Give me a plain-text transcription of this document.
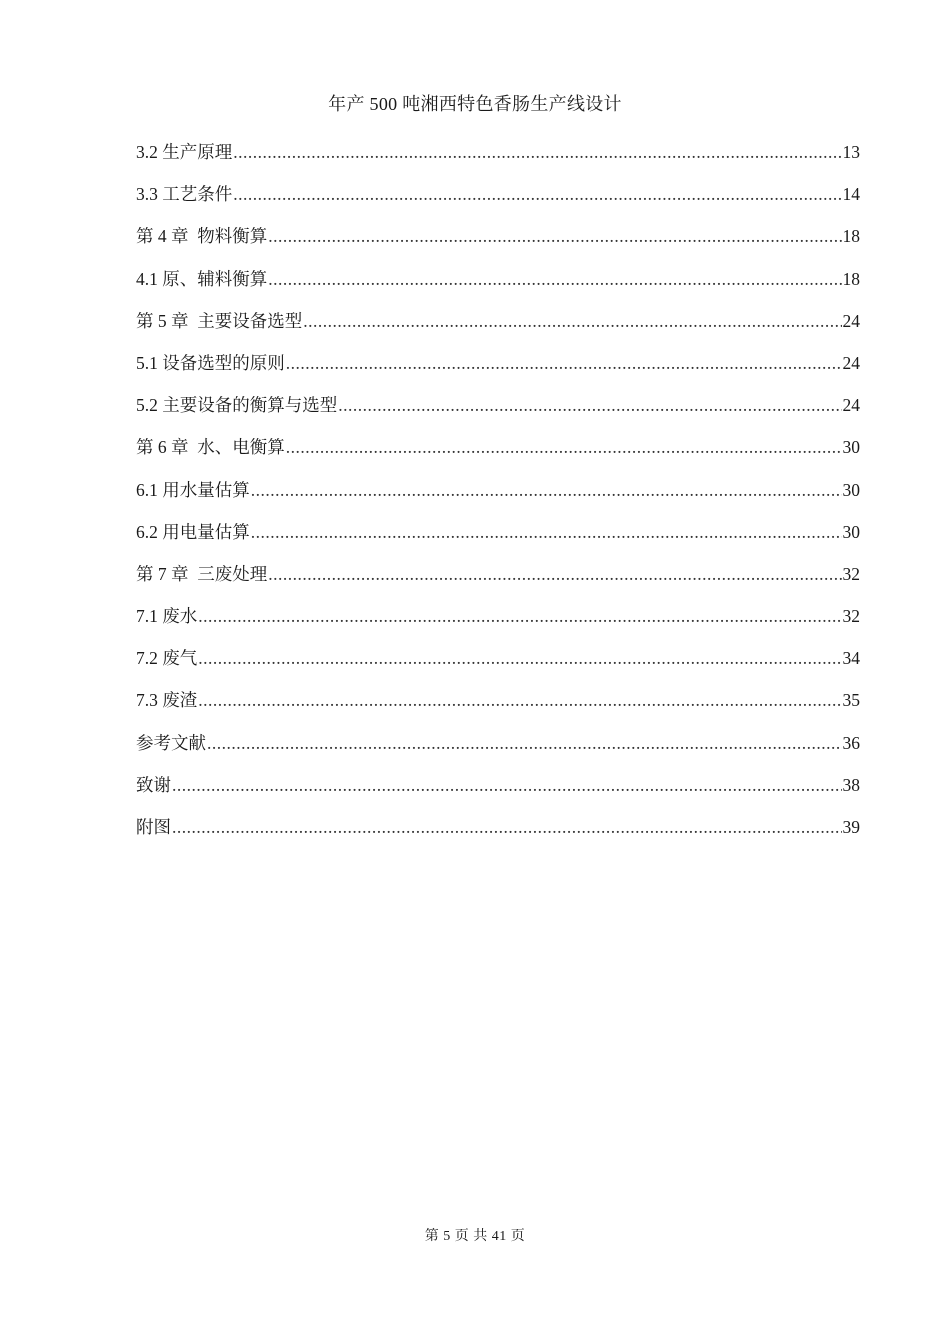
年产 500 吨湘西特色香肠生产线设计
3.2 生产原理 .....	13
3.3 工艺条件 .....	14
第 4 章  物料衡算 .....	18
4.1 原、辅料衡算 .....	18
第 5 章  主要设备选型 .....	24
5.1 设备选型的原则 .....	24
5.2 主要设备的衡算与选型 .....	24
第 6 章  水、电衡算 .....	30
6.1 用水量估算 .....	30
6.2 用电量估算 .....	30
第 7 章  三废处理 .....	32
7.1 废水 .....	32
7.2 废气 .....	34
7.3 废渣 .....	35
参考文献 .....	36
致谢 .....	38
附图 .....	39
第 5 页 共 41 页
